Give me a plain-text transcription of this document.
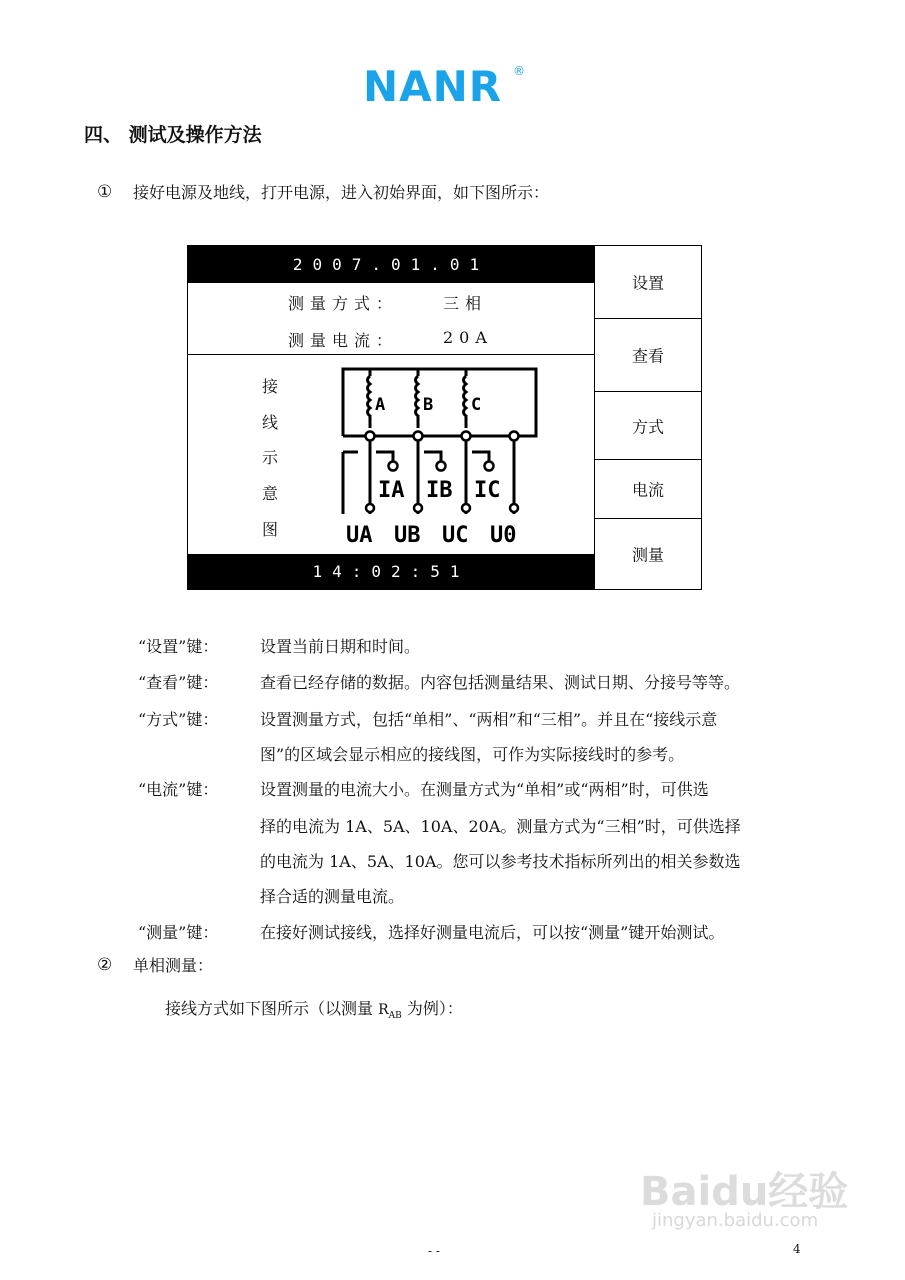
NANR ®
四、 测试及操作方法
① 接好电源及地线，打开电源，进入初始界面，如下图所示：
2007.01.01
测量方式：	三相
测量电流：	20A
接
线
示
意
图
A B C
IA IB IC
UA UB UC U0
14:02:51
设置
查看
方式
电流
测量
“设置”键：	设置当前日期和时间。
“查看”键：	查看已经存储的数据。内容包括测量结果、测试日期、分接号等等。
“方式”键：	设置测量方式，包括“单相”、“两相”和“三相”。并且在“接线示意
图”的区域会显示相应的接线图，可作为实际接线时的参考。
“电流”键：	设置测量的电流大小。在测量方式为“单相”或“两相”时，可供选
择的电流为 1A、5A、10A、20A。测量方式为“三相”时，可供选择
的电流为 1A、5A、10A。您可以参考技术指标所列出的相关参数选
择合适的测量电流。
“测量”键：	在接好测试接线，选择好测量电流后，可以按“测量”键开始测试。
② 单相测量：
接线方式如下图所示（以测量 $R_{AB}$ 为例）：
Baidu经验
jingyan.baidu.com
- -	4
